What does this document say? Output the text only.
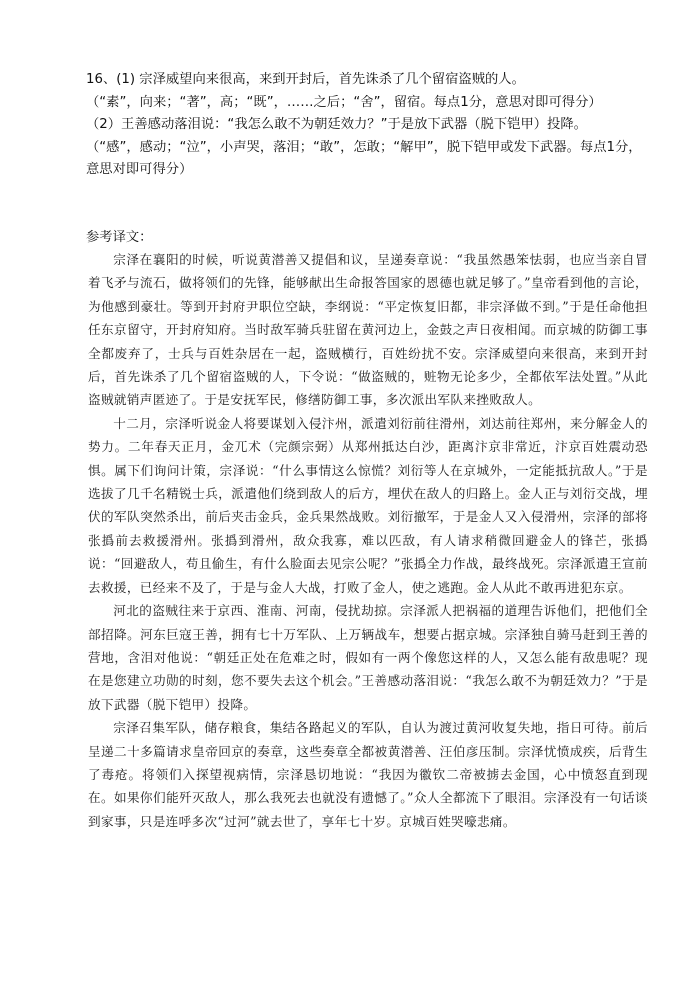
16、(1) 宗泽威望向来很高，来到开封后，首先诛杀了几个留宿盗贼的人。

（“素”，向来；“著”，高；“既”，……之后；“舍”，留宿。每点1分，意思对即可得分）

（2）王善感动落泪说：“我怎么敢不为朝廷效力？”于是放下武器（脱下铠甲）投降。

（“感”，感动；“泣”，小声哭，落泪；“敢”，怎敢；“解甲”，脱下铠甲或发下武器。每点1分，意思对即可得分）

参考译文：

宗泽在襄阳的时候，听说黄潜善又提倡和议，呈递奏章说：“我虽然愚笨怯弱，也应当亲自冒着飞矛与流石，做将领们的先锋，能够献出生命报答国家的恩德也就足够了。”皇帝看到他的言论，为他感到豪壮。等到开封府尹职位空缺，李纲说：“平定恢复旧都，非宗泽做不到。”于是任命他担任东京留守，开封府知府。当时敌军骑兵驻留在黄河边上，金鼓之声日夜相闻。而京城的防御工事全都废弃了，士兵与百姓杂居在一起，盗贼横行，百姓纷扰不安。宗泽威望向来很高，来到开封后，首先诛杀了几个留宿盗贼的人，下令说：“做盗贼的，赃物无论多少，全都依军法处置。”从此盗贼就销声匿迹了。于是安抚军民，修缮防御工事，多次派出军队来挫败敌人。

十二月，宗泽听说金人将要谋划入侵汴州，派遣刘衍前往滑州，刘达前往郑州，来分解金人的势力。二年春天正月，金兀术（完颜宗弼）从郑州抵达白沙，距离汴京非常近，汴京百姓震动恐惧。属下们询问计策，宗泽说：“什么事情这么惊慌？刘衍等人在京城外，一定能抵抗敌人。”于是选拔了几千名精锐士兵，派遣他们绕到敌人的后方，埋伏在敌人的归路上。金人正与刘衍交战，埋伏的军队突然杀出，前后夹击金兵，金兵果然战败。刘衍撤军，于是金人又入侵滑州，宗泽的部将张撝前去救援滑州。张撝到滑州，敌众我寡，难以匹敌，有人请求稍微回避金人的锋芒，张撝说：“回避敌人，苟且偷生，有什么脸面去见宗公呢？”张撝全力作战，最终战死。宗泽派遣王宣前去救援，已经来不及了，于是与金人大战，打败了金人，使之逃跑。金人从此不敢再进犯东京。

河北的盗贼往来于京西、淮南、河南，侵扰劫掠。宗泽派人把祸福的道理告诉他们，把他们全部招降。河东巨寇王善，拥有七十万军队、上万辆战车，想要占据京城。宗泽独自骑马赶到王善的营地，含泪对他说：“朝廷正处在危难之时，假如有一两个像您这样的人，又怎么能有敌患呢？现在是您建立功勋的时刻，您不要失去这个机会。”王善感动落泪说：“我怎么敢不为朝廷效力？”于是放下武器（脱下铠甲）投降。

宗泽召集军队，储存粮食，集结各路起义的军队，自认为渡过黄河收复失地，指日可待。前后呈递二十多篇请求皇帝回京的奏章，这些奏章全都被黄潜善、汪伯彦压制。宗泽忧愤成疾，后背生了毒疮。将领们入探望视病情，宗泽恳切地说：“我因为徽钦二帝被掳去金国，心中愤怒直到现在。如果你们能歼灭敌人，那么我死去也就没有遗憾了。”众人全都流下了眼泪。宗泽没有一句话谈到家事，只是连呼多次“过河”就去世了，享年七十岁。京城百姓哭嚎悲痛。
